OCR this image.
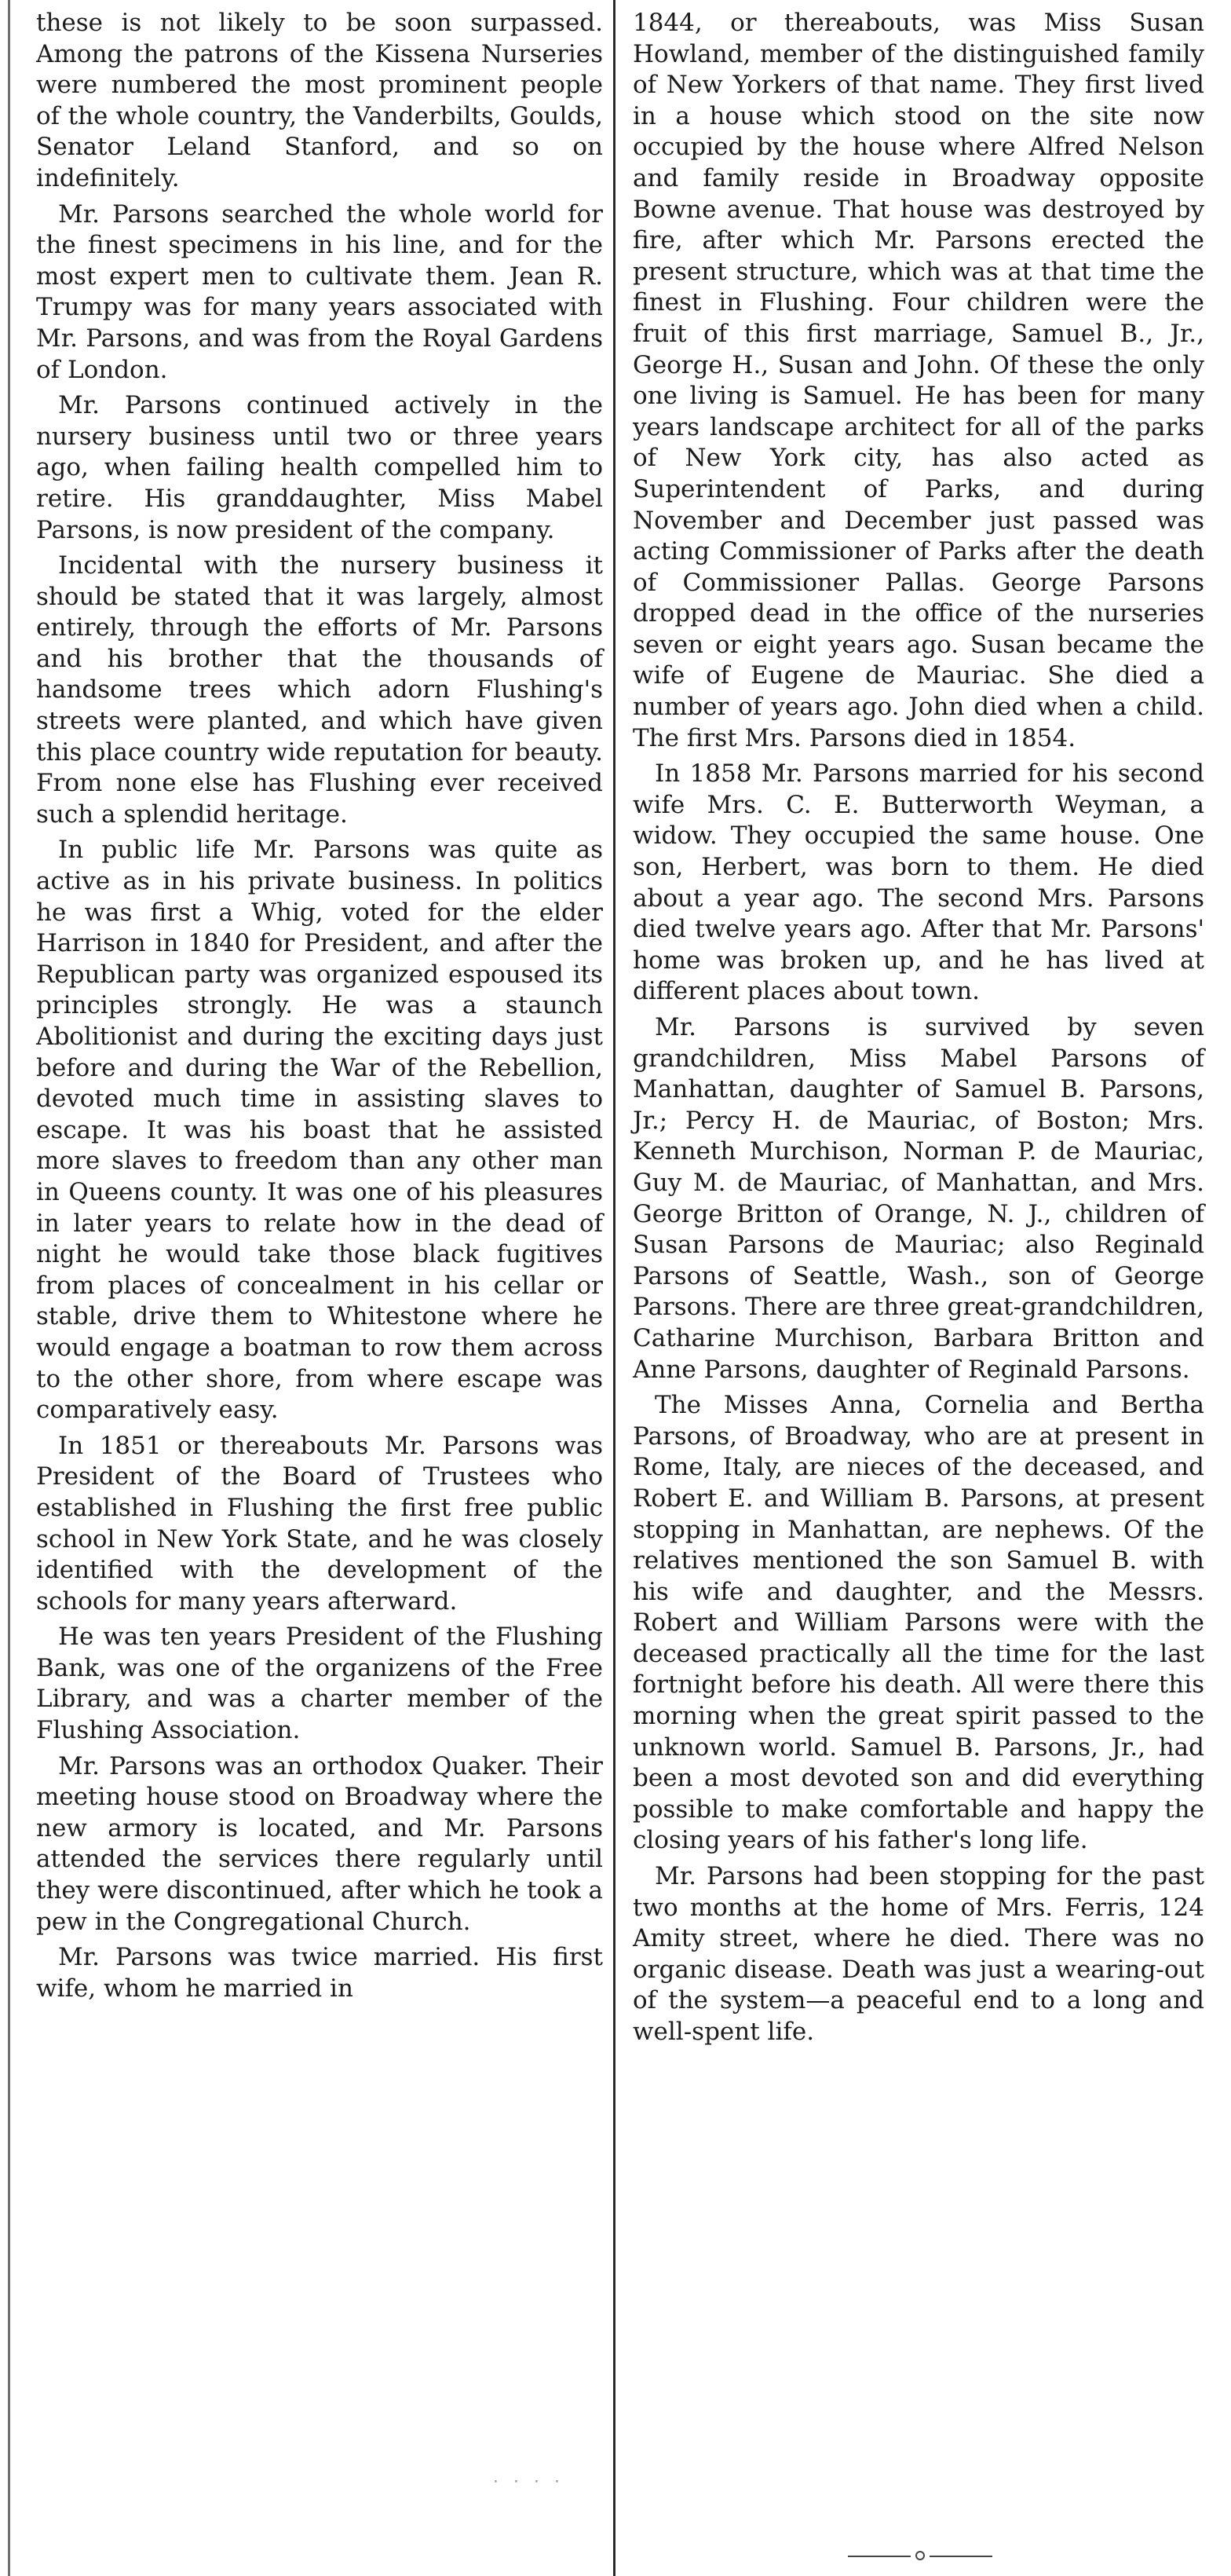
these is not likely to be soon surpassed. Among the patrons of the Kissena Nurseries were numbered the most prominent people of the whole country, the Vanderbilts, Goulds, Senator Leland Stanford, and so on indefinitely.

Mr. Parsons searched the whole world for the finest specimens in his line, and for the most expert men to cultivate them. Jean R. Trumpy was for many years associated with Mr. Parsons, and was from the Royal Gardens of London.

Mr. Parsons continued actively in the nursery business until two or three years ago, when failing health compelled him to retire. His granddaughter, Miss Mabel Parsons, is now president of the company.

Incidental with the nursery business it should be stated that it was largely, almost entirely, through the efforts of Mr. Parsons and his brother that the thousands of handsome trees which adorn Flushing's streets were planted, and which have given this place country wide reputation for beauty. From none else has Flushing ever received such a splendid heritage.

In public life Mr. Parsons was quite as active as in his private business. In politics he was first a Whig, voted for the elder Harrison in 1840 for President, and after the Republican party was organized espoused its principles strongly. He was a staunch Abolitionist and during the exciting days just before and during the War of the Rebellion, devoted much time in assisting slaves to escape. It was his boast that he assisted more slaves to freedom than any other man in Queens county. It was one of his pleasures in later years to relate how in the dead of night he would take those black fugitives from places of concealment in his cellar or stable, drive them to Whitestone where he would engage a boatman to row them across to the other shore, from where escape was comparatively easy.

In 1851 or thereabouts Mr. Parsons was President of the Board of Trustees who established in Flushing the first free public school in New York State, and he was closely identified with the development of the schools for many years afterward.

He was ten years President of the Flushing Bank, was one of the organizens of the Free Library, and was a charter member of the Flushing Association.

Mr. Parsons was an orthodox Quaker. Their meeting house stood on Broadway where the new armory is located, and Mr. Parsons attended the services there regularly until they were discontinued, after which he took a pew in the Congregational Church.

Mr. Parsons was twice married. His first wife, whom he married in

1844, or thereabouts, was Miss Susan Howland, member of the distinguished family of New Yorkers of that name. They first lived in a house which stood on the site now occupied by the house where Alfred Nelson and family reside in Broadway opposite Bowne avenue. That house was destroyed by fire, after which Mr. Parsons erected the present structure, which was at that time the finest in Flushing. Four children were the fruit of this first marriage, Samuel B., Jr., George H., Susan and John. Of these the only one living is Samuel. He has been for many years landscape architect for all of the parks of New York city, has also acted as Superintendent of Parks, and during November and December just passed was acting Commissioner of Parks after the death of Commissioner Pallas. George Parsons dropped dead in the office of the nurseries seven or eight years ago. Susan became the wife of Eugene de Mauriac. She died a number of years ago. John died when a child. The first Mrs. Parsons died in 1854.

In 1858 Mr. Parsons married for his second wife Mrs. C. E. Butterworth Weyman, a widow. They occupied the same house. One son, Herbert, was born to them. He died about a year ago. The second Mrs. Parsons died twelve years ago. After that Mr. Parsons' home was broken up, and he has lived at different places about town.

Mr. Parsons is survived by seven grandchildren, Miss Mabel Parsons of Manhattan, daughter of Samuel B. Parsons, Jr.; Percy H. de Mauriac, of Boston; Mrs. Kenneth Murchison, Norman P. de Mauriac, Guy M. de Mauriac, of Manhattan, and Mrs. George Britton of Orange, N. J., children of Susan Parsons de Mauriac; also Reginald Parsons of Seattle, Wash., son of George Parsons. There are three great-grandchildren, Catharine Murchison, Barbara Britton and Anne Parsons, daughter of Reginald Parsons.

The Misses Anna, Cornelia and Bertha Parsons, of Broadway, who are at present in Rome, Italy, are nieces of the deceased, and Robert E. and William B. Parsons, at present stopping in Manhattan, are nephews. Of the relatives mentioned the son Samuel B. with his wife and daughter, and the Messrs. Robert and William Parsons were with the deceased practically all the time for the last fortnight before his death. All were there this morning when the great spirit passed to the unknown world. Samuel B. Parsons, Jr., had been a most devoted son and did everything possible to make comfortable and happy the closing years of his father's long life.

Mr. Parsons had been stopping for the past two months at the home of Mrs. Ferris, 124 Amity street, where he died. There was no organic disease. Death was just a wearing-out of the system—a peaceful end to a long and well-spent life.

⋅ ⋅ ⋅ ⋅
